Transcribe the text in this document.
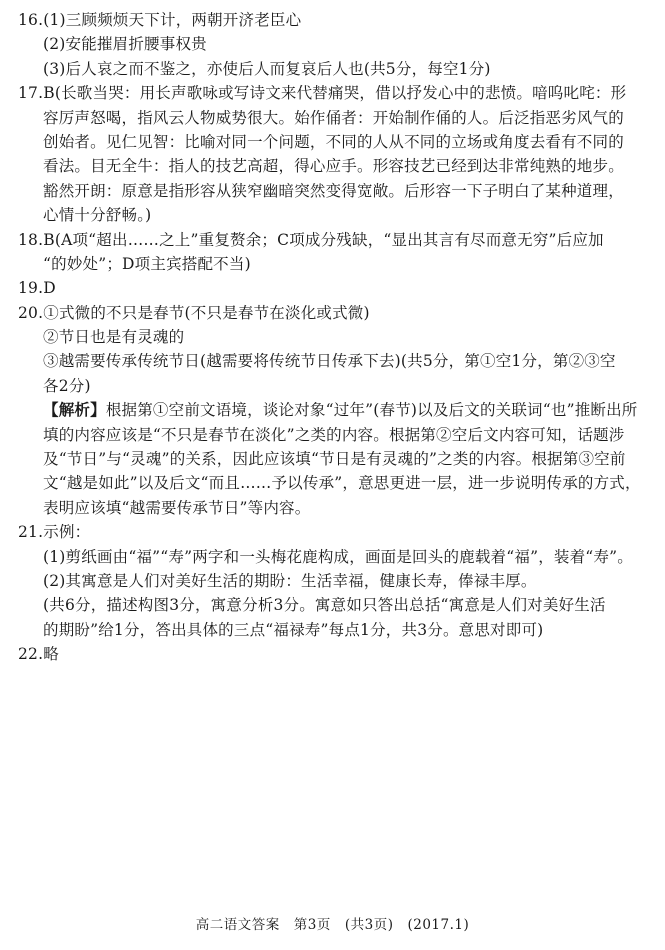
16.(1)三顾频烦天下计，两朝开济老臣心
(2)安能摧眉折腰事权贵
(3)后人哀之而不鉴之，亦使后人而复哀后人也(共5分，每空1分)
17.B(长歌当哭：用长声歌咏或写诗文来代替痛哭，借以抒发心中的悲愤。喑呜叱咤：形
容厉声怒喝，指风云人物威势很大。始作俑者：开始制作俑的人。后泛指恶劣风气的
创始者。见仁见智：比喻对同一个问题，不同的人从不同的立场或角度去看有不同的
看法。目无全牛：指人的技艺高超，得心应手。形容技艺已经到达非常纯熟的地步。
豁然开朗：原意是指形容从狭窄幽暗突然变得宽敞。后形容一下子明白了某种道理，
心情十分舒畅。)
18.B(A项“超出……之上”重复赘余；C项成分残缺，“显出其言有尽而意无穷”后应加
“的妙处”；D项主宾搭配不当)
19.D
20.①式微的不只是春节(不只是春节在淡化或式微)
②节日也是有灵魂的
③越需要传承传统节日(越需要将传统节日传承下去)(共5分，第①空1分，第②③空
各2分)
【解析】根据第①空前文语境，谈论对象“过年”(春节)以及后文的关联词“也”推断出所
填的内容应该是“不只是春节在淡化”之类的内容。根据第②空后文内容可知，话题涉
及“节日”与“灵魂”的关系，因此应该填“节日是有灵魂的”之类的内容。根据第③空前
文“越是如此”以及后文“而且……予以传承”，意思更进一层，进一步说明传承的方式，
表明应该填“越需要传承节日”等内容。
21.示例：
(1)剪纸画由“福”“寿”两字和一头梅花鹿构成，画面是回头的鹿载着“福”，装着“寿”。
(2)其寓意是人们对美好生活的期盼：生活幸福，健康长寿，俸禄丰厚。
(共6分，描述构图3分，寓意分析3分。寓意如只答出总括“寓意是人们对美好生活
的期盼”给1分，答出具体的三点“福禄寿”每点1分，共3分。意思对即可)
22.略
高二语文答案　第3页　(共3页)　(2017.1)
